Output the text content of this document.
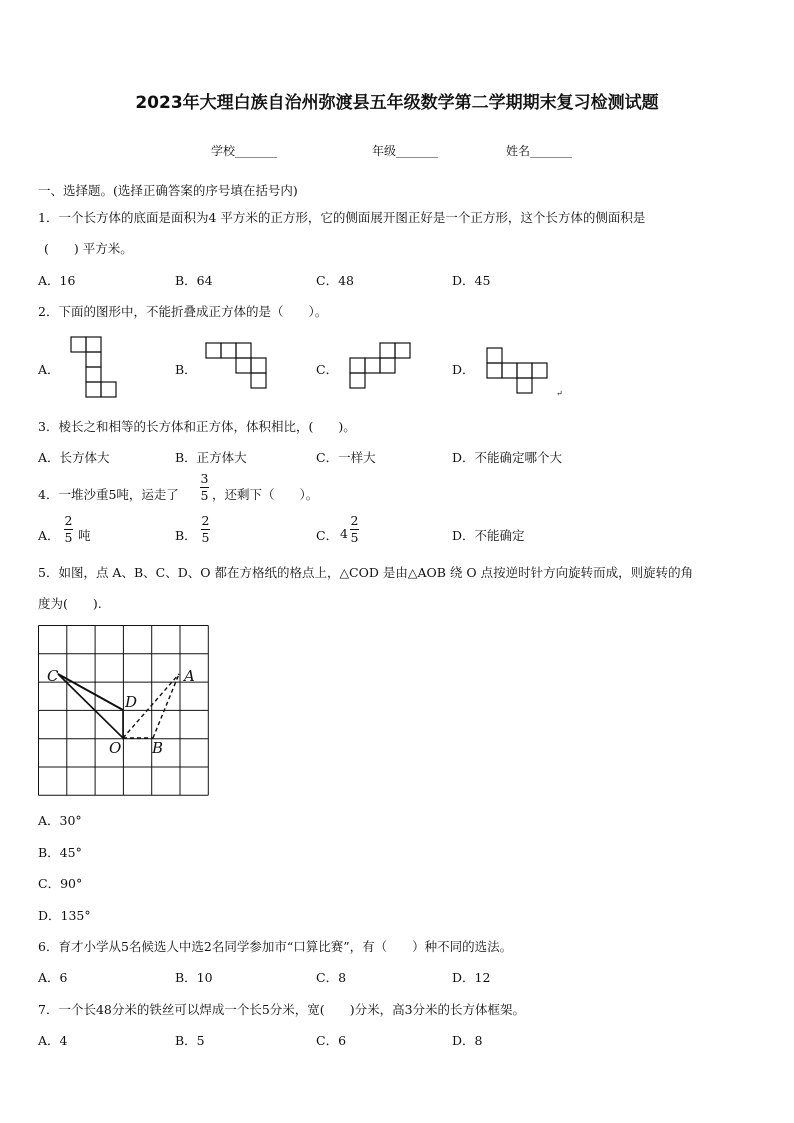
2023年大理白族自治州弥渡县五年级数学第二学期期末复习检测试题
学校_______	年级_______	姓名_______
一、选择题。(选择正确答案的序号填在括号内)
1．一个长方体的底面是面积为4 平方米的正方形，它的侧面展开图正好是一个正方形，这个长方体的侧面积是
(　　) 平方米。
A．16	B．64	C．48	D．45
2．下面的图形中，不能折叠成正方体的是（　　）。
A．	B．	C．	D．
↵
3．棱长之和相等的长方体和正方体，体积相比，(　　)。
A．长方体大	B．正方体大	C．一样大	D．不能确定哪个大
4．一堆沙重5吨，运走了
3
5 ，还剩下（　　）。
A．
2
5 吨	B．
2
5	C． 4
2
5	D．不能确定
5．如图，点 A、B、C、D、O 都在方格纸的格点上，△COD 是由△AOB 绕 O 点按逆时针方向旋转而成，则旋转的角
度为(　　).
C	A
D
O B
A．30°
B．45°
C．90°
D．135°
6．育才小学从5名候选人中选2名同学参加市“口算比赛”，有（　　）种不同的选法。
A．6	B．10	C．8	D．12
7．一个长48分米的铁丝可以焊成一个长5分米，宽(　　)分米，高3分米的长方体框架。
A．4	B．5	C．6	D．8
